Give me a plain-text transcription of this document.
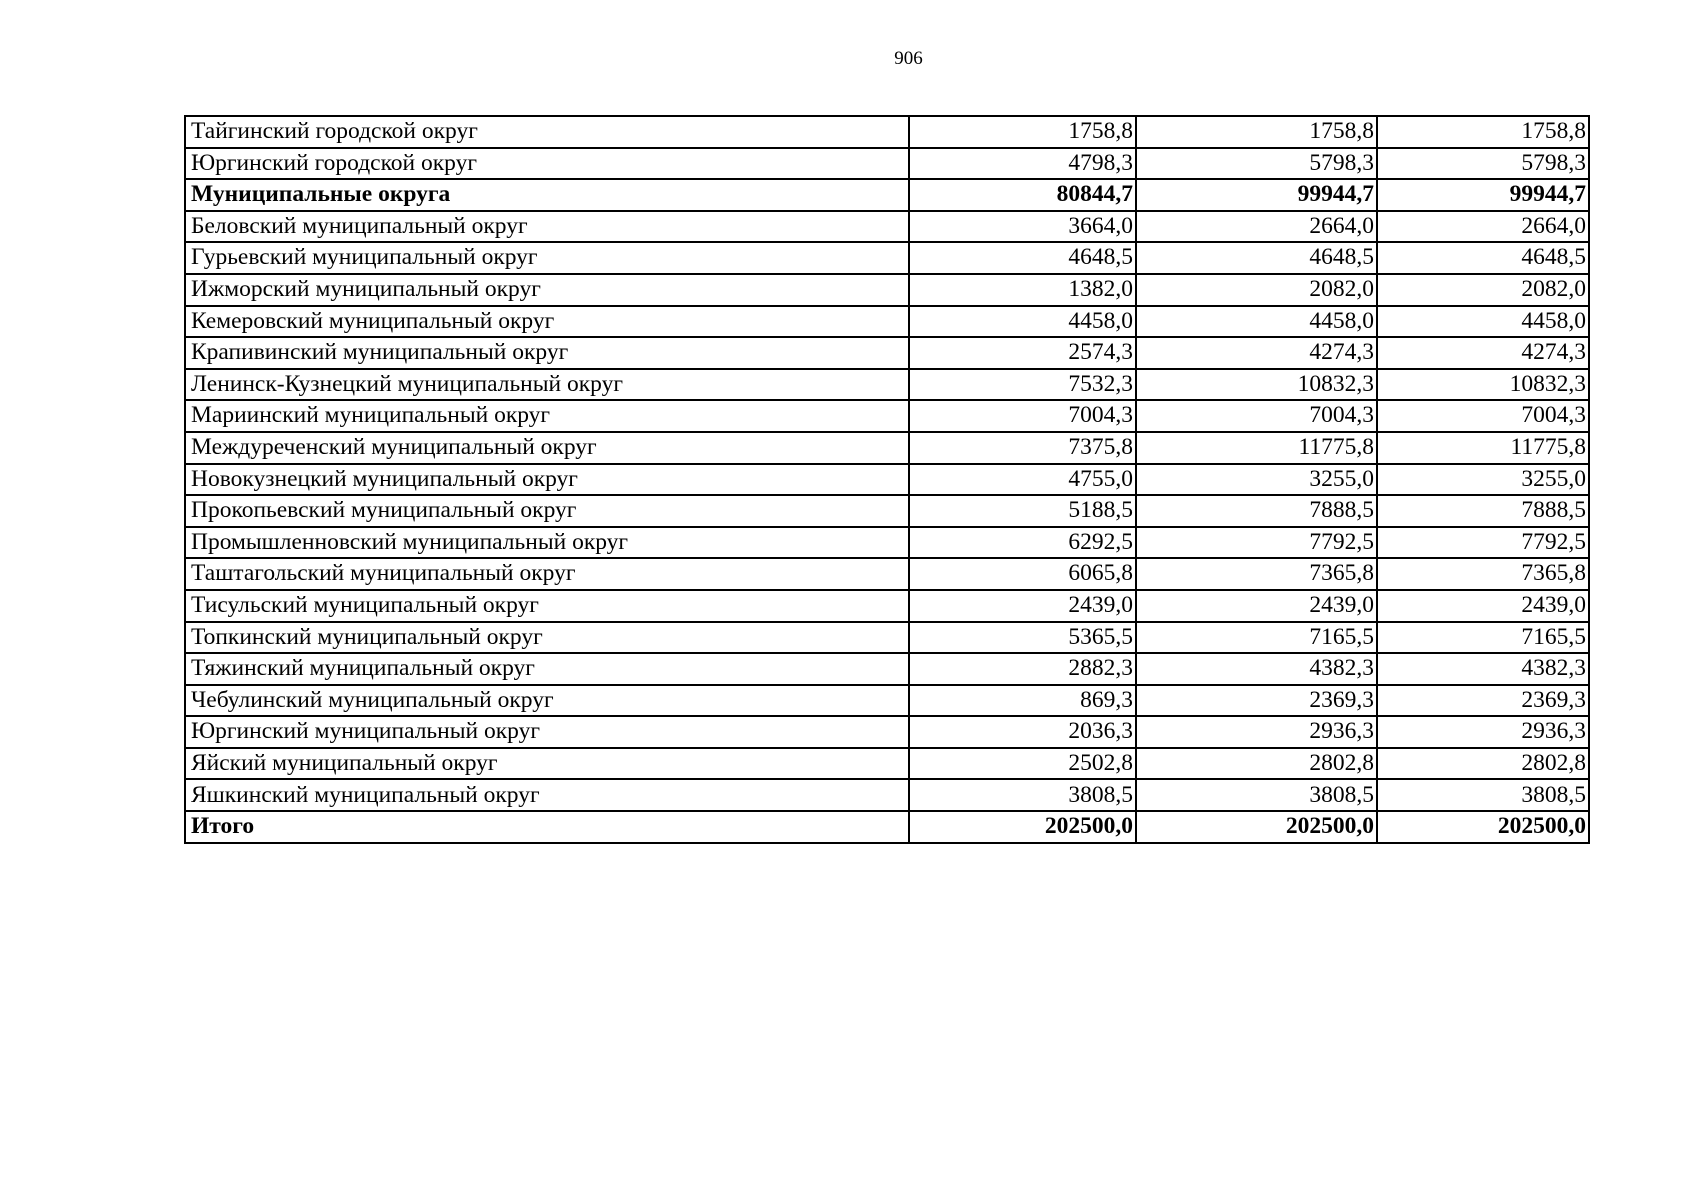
906
Тайгинский городской округ	1758,8	1758,8	1758,8
Юргинский городской округ	4798,3	5798,3	5798,3
Муниципальные округа	80844,7	99944,7	99944,7
Беловский муниципальный округ	3664,0	2664,0	2664,0
Гурьевский муниципальный округ	4648,5	4648,5	4648,5
Ижморский муниципальный округ	1382,0	2082,0	2082,0
Кемеровский муниципальный округ	4458,0	4458,0	4458,0
Крапивинский муниципальный округ	2574,3	4274,3	4274,3
Ленинск-Кузнецкий муниципальный округ	7532,3	10832,3	10832,3
Мариинский муниципальный округ	7004,3	7004,3	7004,3
Междуреченский муниципальный округ	7375,8	11775,8	11775,8
Новокузнецкий муниципальный округ	4755,0	3255,0	3255,0
Прокопьевский муниципальный округ	5188,5	7888,5	7888,5
Промышленновский муниципальный округ	6292,5	7792,5	7792,5
Таштагольский муниципальный округ	6065,8	7365,8	7365,8
Тисульский муниципальный округ	2439,0	2439,0	2439,0
Топкинский муниципальный округ	5365,5	7165,5	7165,5
Тяжинский муниципальный округ	2882,3	4382,3	4382,3
Чебулинский муниципальный округ	869,3	2369,3	2369,3
Юргинский муниципальный округ	2036,3	2936,3	2936,3
Яйский муниципальный округ	2502,8	2802,8	2802,8
Яшкинский муниципальный округ	3808,5	3808,5	3808,5
Итого	202500,0	202500,0	202500,0
